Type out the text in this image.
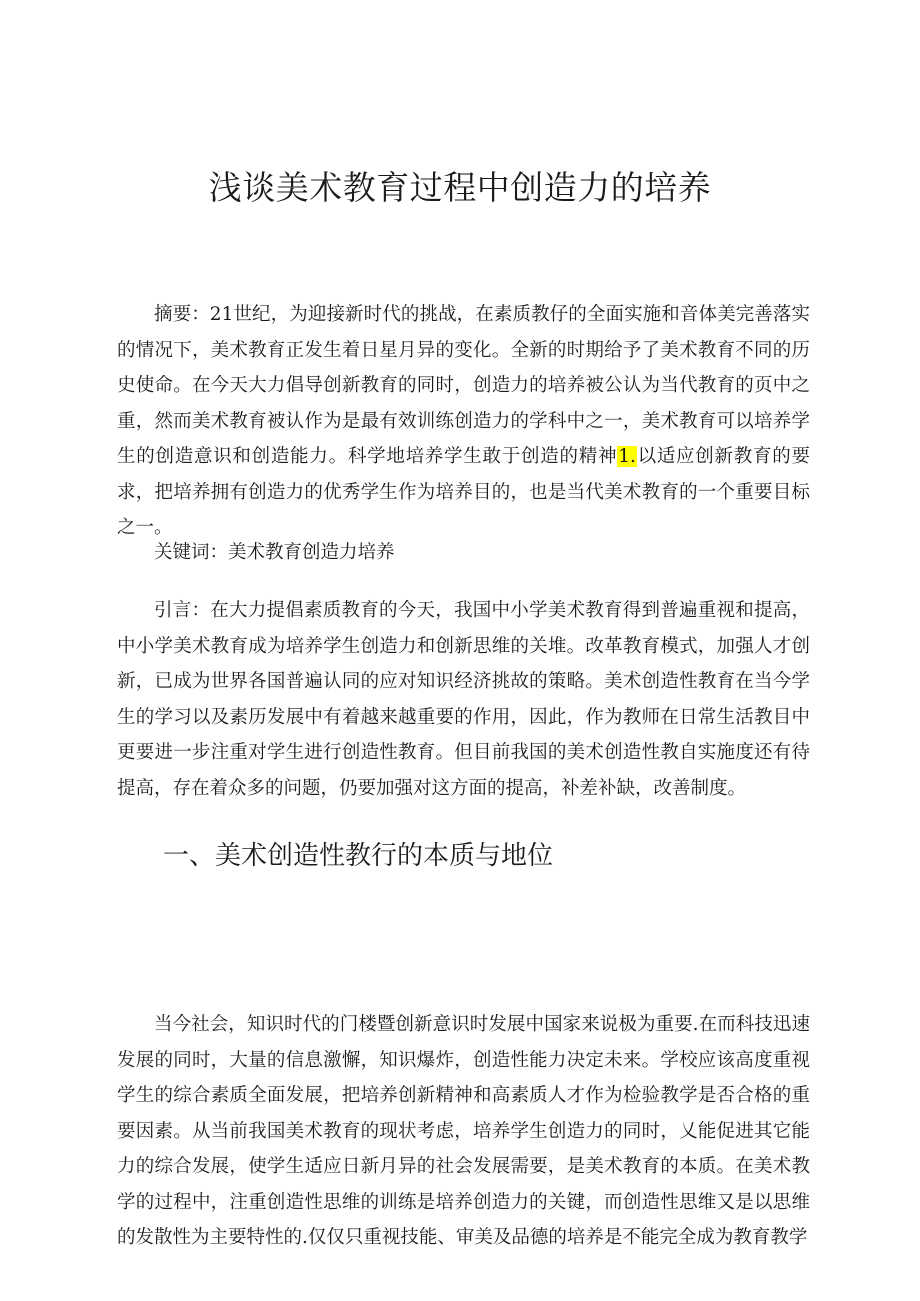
浅谈美术教育过程中创造力的培养

摘要：21世纪，为迎接新时代的挑战，在素质教仔的全面实施和音体美完善落实的情况下，美术教育正发生着日星月异的变化。全新的时期给予了美术教育不同的历史使命。在今天大力倡导创新教育的同时，创造力的培养被公认为当代教育的页中之重，然而美术教育被认作为是最有效训练创造力的学科中之一，美术教育可以培养学生的创造意识和创造能力。科学地培养学生敢于创造的精神1.以适应创新教育的要求，把培养拥有创造力的优秀学生作为培养目的，也是当代美术教育的一个重要目标之一。

关键词：美术教育创造力培养

引言：在大力提倡素质教育的今天，我国中小学美术教育得到普遍重视和提高，中小学美术教育成为培养学生创造力和创新思维的关堆。改革教育模式，加强人才创新，已成为世界各国普遍认同的应对知识经济挑故的策略。美术创造性教育在当今学生的学习以及素历发展中有着越来越重要的作用，因此，作为教师在日常生活教目中更要进一步注重对学生进行创造性教育。但目前我国的美术创造性教自实施度还有待提高，存在着众多的问题，仍要加强对这方面的提高，补差补缺，改善制度。

一、美术创造性教行的本质与地位

当今社会，知识时代的门楼暨创新意识时发展中国家来说极为重要.在而科技迅速发展的同时，大量的信息激懈，知识爆炸，创造性能力决定未来。学校应该高度重视学生的综合素质全面发展，把培养创新精神和高素质人才作为检验教学是否合格的重要因素。从当前我国美术教育的现状考虑，培养学生创造力的同时，乂能促进其它能力的综合发展，使学生适应日新月异的社会发展需要，是美术教育的本质。在美术教学的过程中，注重创造性思维的训练是培养创造力的关键，而创造性思维又是以思维的发散性为主要特性的.仅仅只重视技能、审美及品德的培养是不能完全成为教育教学
